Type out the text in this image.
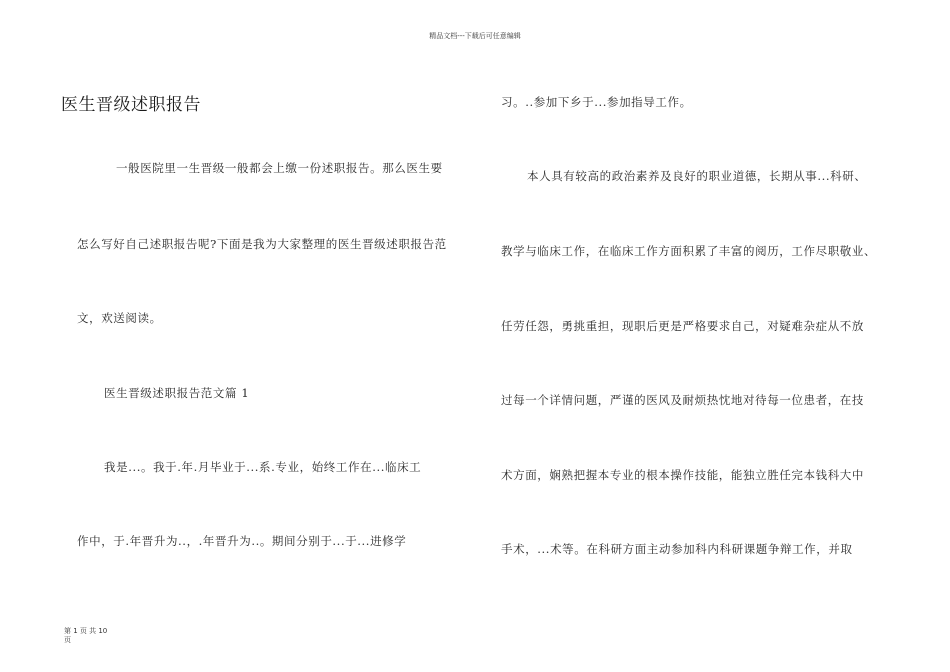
精品文档---下载后可任意编辑
医生晋级述职报告
一般医院里一生晋级一般都会上缴一份述职报告。那么医生要
怎么写好自己述职报告呢?下面是我为大家整理的医生晋级述职报告范
文，欢送阅读。
医生晋级述职报告范文篇 1
我是...。我于.年.月毕业于...系.专业，始终工作在...临床工
作中，于.年晋升为..，.年晋升为..。期间分别于...于...进修学
习。..参加下乡于...参加指导工作。
本人具有较高的政治素养及良好的职业道德，长期从事...科研、
教学与临床工作，在临床工作方面积累了丰富的阅历，工作尽职敬业、
任劳任怨，勇挑重担，现职后更是严格要求自己，对疑难杂症从不放
过每一个详情问题，严谨的医风及耐烦热忱地对待每一位患者，在技
术方面，娴熟把握本专业的根本操作技能，能独立胜任完本钱科大中
手术，...术等。在科研方面主动参加科内科研课题争辩工作，并取
第 1 页 共 10
页
